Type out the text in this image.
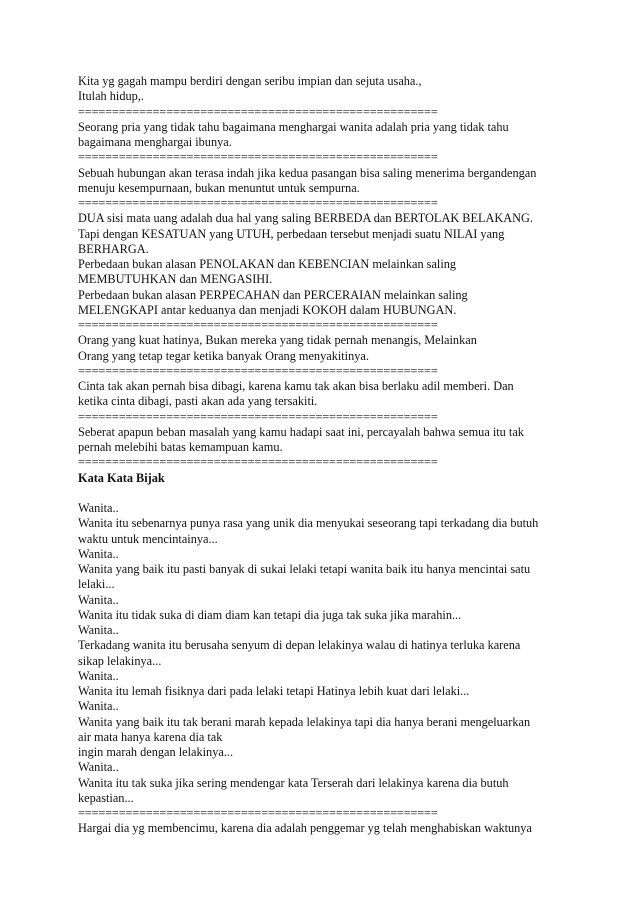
Kita yg gagah mampu berdiri dengan seribu impian dan sejuta usaha.,
Itulah hidup,.
=====================================================
Seorang pria yang tidak tahu bagaimana menghargai wanita adalah pria yang tidak tahu
bagaimana menghargai ibunya.
=====================================================
Sebuah hubungan akan terasa indah jika kedua pasangan bisa saling menerima bergandengan
menuju kesempurnaan, bukan menuntut untuk sempurna.
=====================================================
DUA sisi mata uang adalah dua hal yang saling BERBEDA dan BERTOLAK BELAKANG.
Tapi dengan KESATUAN yang UTUH, perbedaan tersebut menjadi suatu NILAI yang
BERHARGA.
Perbedaan bukan alasan PENOLAKAN dan KEBENCIAN melainkan saling
MEMBUTUHKAN dan MENGASIHI.
Perbedaan bukan alasan PERPECAHAN dan PERCERAIAN melainkan saling
MELENGKAPI antar keduanya dan menjadi KOKOH dalam HUBUNGAN.
=====================================================
Orang yang kuat hatinya, Bukan mereka yang tidak pernah menangis, Melainkan
Orang yang tetap tegar ketika banyak Orang menyakitinya.
=====================================================
Cinta tak akan pernah bisa dibagi, karena kamu tak akan bisa berlaku adil memberi. Dan
ketika cinta dibagi, pasti akan ada yang tersakiti.
=====================================================
Seberat apapun beban masalah yang kamu hadapi saat ini, percayalah bahwa semua itu tak
pernah melebihi batas kemampuan kamu.
=====================================================
Kata Kata Bijak
Wanita..
Wanita itu sebenarnya punya rasa yang unik dia menyukai seseorang tapi terkadang dia butuh
waktu untuk mencintainya...
Wanita..
Wanita yang baik itu pasti banyak di sukai lelaki tetapi wanita baik itu hanya mencintai satu
lelaki...
Wanita..
Wanita itu tidak suka di diam diam kan tetapi dia juga tak suka jika marahin...
Wanita..
Terkadang wanita itu berusaha senyum di depan lelakinya walau di hatinya terluka karena
sikap lelakinya...
Wanita..
Wanita itu lemah fisiknya dari pada lelaki tetapi Hatinya lebih kuat dari lelaki...
Wanita..
Wanita yang baik itu tak berani marah kepada lelakinya tapi dia hanya berani mengeluarkan
air mata hanya karena dia tak
ingin marah dengan lelakinya...
Wanita..
Wanita itu tak suka jika sering mendengar kata Terserah dari lelakinya karena dia butuh
kepastian...
=====================================================
Hargai dia yg membencimu, karena dia adalah penggemar yg telah menghabiskan waktunya
